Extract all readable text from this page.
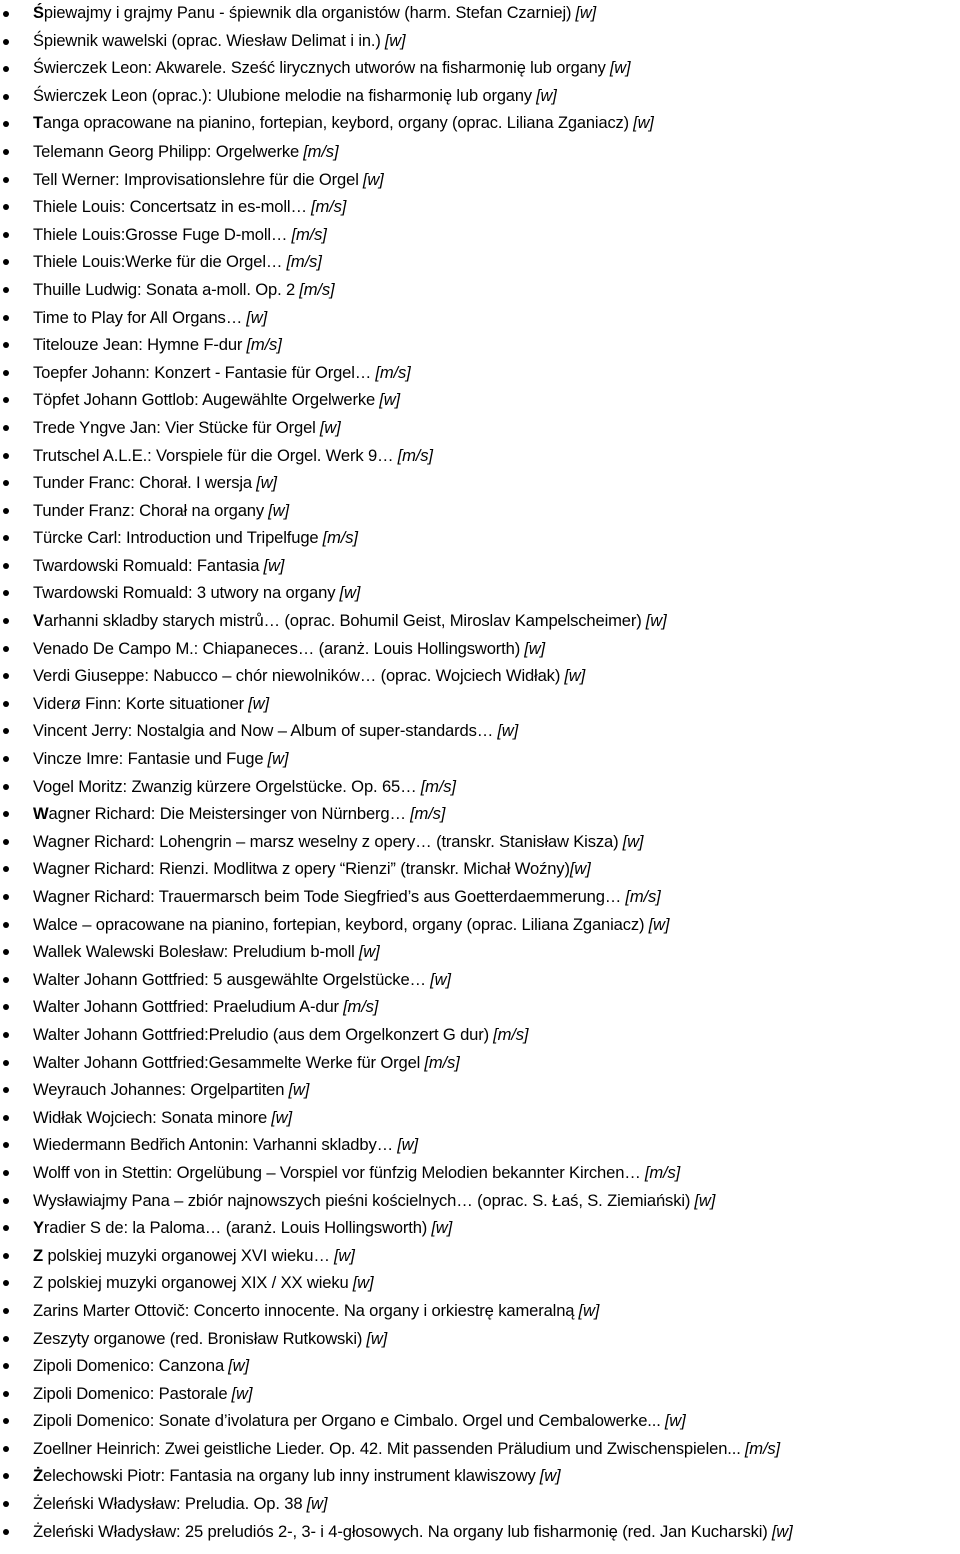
Śpiewajmy i grajmy Panu - śpiewnik dla organistów (harm. Stefan Czarniej) [w]
Śpiewnik wawelski (oprac. Wiesław Delimat i in.) [w]
Świerczek Leon: Akwarele. Sześć lirycznych utworów na fisharmonię lub organy [w]
Świerczek Leon (oprac.): Ulubione melodie na fisharmonię lub organy [w]
Tanga opracowane na pianino, fortepian, keybord, organy (oprac. Liliana Zganiacz) [w]
Telemann Georg Philipp: Orgelwerke [m/s]
Tell Werner: Improvisationslehre für die Orgel [w]
Thiele Louis: Concertsatz in es-moll… [m/s]
Thiele Louis:Grosse Fuge D-moll… [m/s]
Thiele Louis:Werke für die Orgel… [m/s]
Thuille Ludwig: Sonata a-moll. Op. 2 [m/s]
Time to Play for All Organs… [w]
Titelouze Jean: Hymne F-dur [m/s]
Toepfer Johann: Konzert - Fantasie für Orgel… [m/s]
Töpfet Johann Gottlob: Augewählte Orgelwerke [w]
Trede Yngve Jan: Vier Stücke für Orgel [w]
Trutschel A.L.E.: Vorspiele für die Orgel. Werk 9… [m/s]
Tunder Franc: Chorał. I wersja [w]
Tunder Franz: Chorał na organy [w]
Türcke Carl: Introduction und Tripelfuge [m/s]
Twardowski Romuald: Fantasia [w]
Twardowski Romuald: 3 utwory na organy [w]
Varhanni skladby starych mistrů… (oprac. Bohumil Geist, Miroslav Kampelscheimer) [w]
Venado De Campo M.: Chiapaneces… (aranż. Louis Hollingsworth) [w]
Verdi Giuseppe: Nabucco – chór niewolników… (oprac. Wojciech Widłak) [w]
Viderø Finn: Korte situationer [w]
Vincent Jerry: Nostalgia and Now – Album of super-standards… [w]
Vincze Imre: Fantasie und Fuge [w]
Vogel Moritz: Zwanzig kürzere Orgelstücke. Op. 65… [m/s]
Wagner Richard: Die Meistersinger von Nürnberg… [m/s]
Wagner Richard: Lohengrin – marsz weselny z opery… (transkr. Stanisław Kisza) [w]
Wagner Richard: Rienzi. Modlitwa z opery “Rienzi” (transkr. Michał Woźny)[w]
Wagner Richard: Trauermarsch beim Tode Siegfried’s aus Goetterdaemmerung… [m/s]
Walce – opracowane na pianino, fortepian, keybord, organy (oprac. Liliana Zganiacz) [w]
Wallek Walewski Bolesław: Preludium b-moll [w]
Walter Johann Gottfried: 5 ausgewählte Orgelstücke… [w]
Walter Johann Gottfried: Praeludium A-dur [m/s]
Walter Johann Gottfried:Preludio (aus dem Orgelkonzert G dur) [m/s]
Walter Johann Gottfried:Gesammelte Werke für Orgel [m/s]
Weyrauch Johannes: Orgelpartiten [w]
Widłak Wojciech: Sonata minore [w]
Wiedermann Bedřich Antonin: Varhanni skladby… [w]
Wolff von in Stettin: Orgelübung – Vorspiel vor fünfzig Melodien bekannter Kirchen… [m/s]
Wysławiajmy Pana – zbiór najnowszych pieśni kościelnych… (oprac. S. Łaś, S. Ziemiański) [w]
Yradier S de: la Paloma… (aranż. Louis Hollingsworth) [w]
Z polskiej muzyki organowej XVI wieku… [w]
Z polskiej muzyki organowej XIX / XX wieku [w]
Zarins Marter Ottovič: Concerto innocente. Na organy i orkiestrę kameralną [w]
Zeszyty organowe (red. Bronisław Rutkowski) [w]
Zipoli Domenico: Canzona [w]
Zipoli Domenico: Pastorale [w]
Zipoli Domenico: Sonate d’ivolatura per Organo e Cimbalo. Orgel und Cembalowerke... [w]
Zoellner Heinrich: Zwei geistliche Lieder. Op. 42. Mit passenden Präludium und Zwischenspielen... [m/s]
Żelechowski Piotr: Fantasia na organy lub inny instrument klawiszowy [w]
Żeleński Władysław: Preludia. Op. 38 [w]
Żeleński Władysław: 25 preludiós 2-, 3- i 4-głosowych. Na organy lub fisharmonię (red. Jan Kucharski) [w]
